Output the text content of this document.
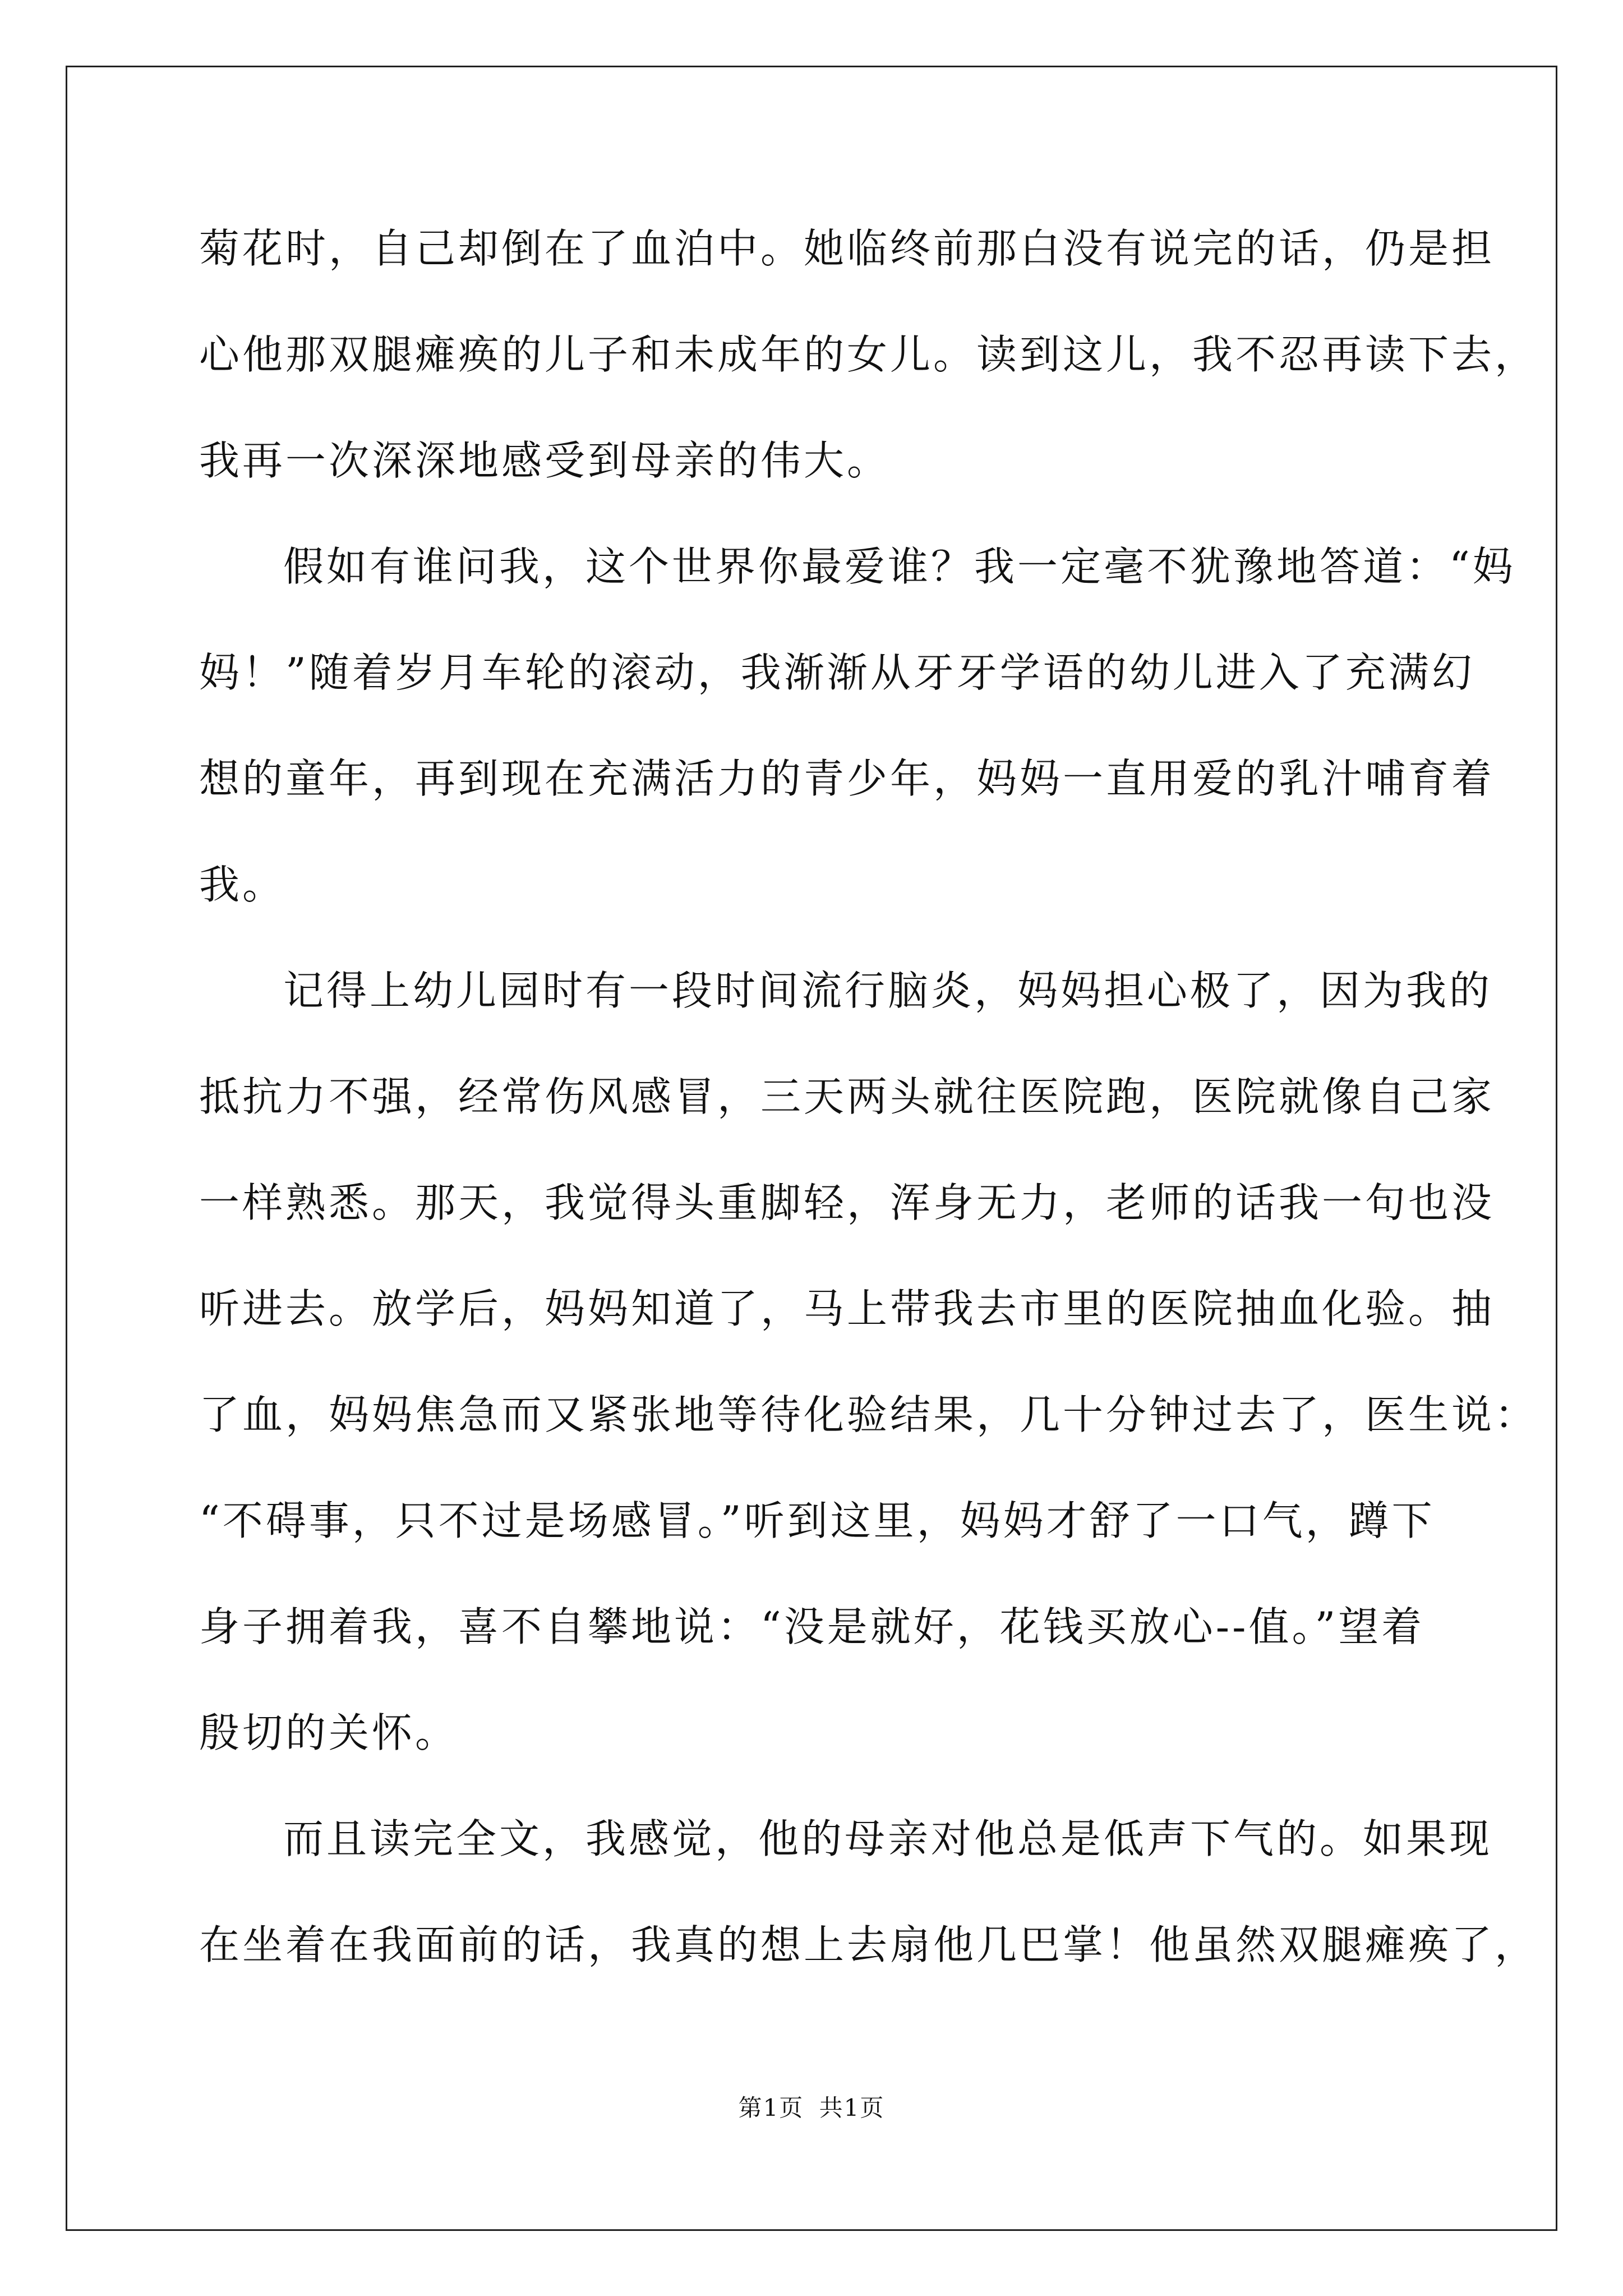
菊花时，自己却倒在了血泊中。她临终前那白没有说完的话，仍是担
心他那双腿瘫痪的儿子和未成年的女儿。读到这儿，我不忍再读下去，
我再一次深深地感受到母亲的伟大。
假如有谁问我，这个世界你最爱谁？我一定毫不犹豫地答道：“妈
妈！”随着岁月车轮的滚动，我渐渐从牙牙学语的幼儿进入了充满幻
想的童年，再到现在充满活力的青少年，妈妈一直用爱的乳汁哺育着
我。
记得上幼儿园时有一段时间流行脑炎，妈妈担心极了，因为我的
抵抗力不强，经常伤风感冒，三天两头就往医院跑，医院就像自己家
一样熟悉。那天，我觉得头重脚轻，浑身无力，老师的话我一句也没
听进去。放学后，妈妈知道了，马上带我去市里的医院抽血化验。抽
了血，妈妈焦急而又紧张地等待化验结果，几十分钟过去了，医生说：
“不碍事，只不过是场感冒。”听到这里，妈妈才舒了一口气，蹲下
身子拥着我，喜不自攀地说：“没是就好，花钱买放心--值。”望着
殷切的关怀。
而且读完全文，我感觉，他的母亲对他总是低声下气的。如果现
在坐着在我面前的话，我真的想上去扇他几巴掌！他虽然双腿瘫痪了，
第1页 共1页
